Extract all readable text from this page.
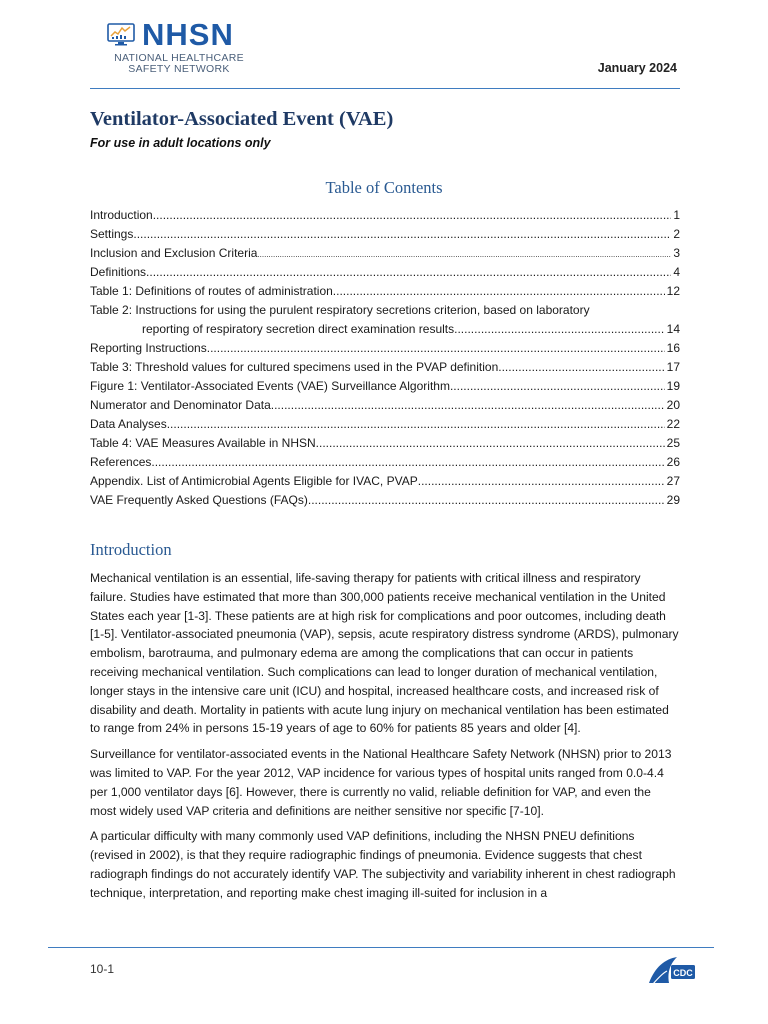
NHSN
NATIONAL HEALTHCARE
SAFETY NETWORK	January 2024
Ventilator-Associated Event (VAE)
For use in adult locations only
Table of Contents
Introduction .....	1
Settings .....	2
Inclusion and Exclusion Criteria .....	3
Definitions .....	4
Table 1: Definitions of routes of administration .....	12
Table 2: Instructions for using the purulent respiratory secretions criterion, based on laboratory
reporting of respiratory secretion direct examination results .....	14
Reporting Instructions .....	16
Table 3: Threshold values for cultured specimens used in the PVAP definition .....	17
Figure 1: Ventilator-Associated Events (VAE) Surveillance Algorithm .....	19
Numerator and Denominator Data .....	20
Data Analyses .....	22
Table 4: VAE Measures Available in NHSN .....	25
References .....	26
Appendix. List of Antimicrobial Agents Eligible for IVAC, PVAP .....	27
VAE Frequently Asked Questions (FAQs) .....	29
Introduction

Mechanical ventilation is an essential, life-saving therapy for patients with critical illness and respiratory failure. Studies have estimated that more than 300,000 patients receive mechanical ventilation in the United States each year [1-3]. These patients are at high risk for complications and poor outcomes, including death [1-5]. Ventilator-associated pneumonia (VAP), sepsis, acute respiratory distress syndrome (ARDS), pulmonary embolism, barotrauma, and pulmonary edema are among the complications that can occur in patients receiving mechanical ventilation. Such complications can lead to longer duration of mechanical ventilation, longer stays in the intensive care unit (ICU) and hospital, increased healthcare costs, and increased risk of disability and death. Mortality in patients with acute lung injury on mechanical ventilation has been estimated to range from 24% in persons 15-19 years of age to 60% for patients 85 years and older [4].

Surveillance for ventilator-associated events in the National Healthcare Safety Network (NHSN) prior to 2013 was limited to VAP. For the year 2012, VAP incidence for various types of hospital units ranged from 0.0-4.4 per 1,000 ventilator days [6]. However, there is currently no valid, reliable definition for VAP, and even the most widely used VAP criteria and definitions are neither sensitive nor specific [7-10].

A particular difficulty with many commonly used VAP definitions, including the NHSN PNEU definitions (revised in 2002), is that they require radiographic findings of pneumonia. Evidence suggests that chest radiograph findings do not accurately identify VAP. The subjectivity and variability inherent in chest radiograph technique, interpretation, and reporting make chest imaging ill-suited for inclusion in a

10-1	CDC
